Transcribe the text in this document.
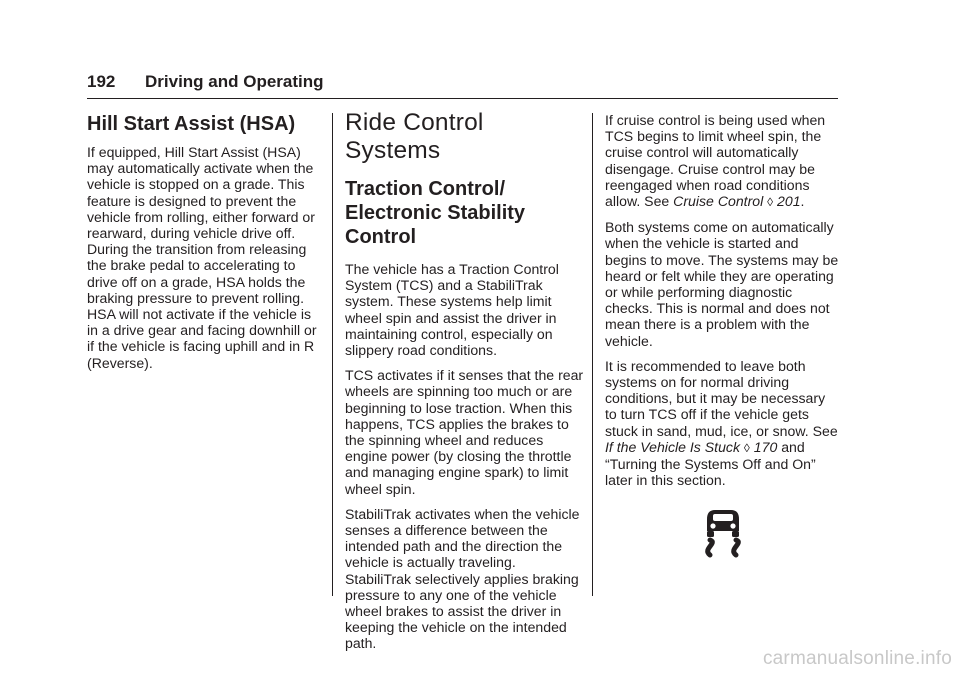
192 Driving and Operating
Hill Start Assist (HSA)

If equipped, Hill Start Assist (HSA) may automatically activate when the vehicle is stopped on a grade. This feature is designed to prevent the vehicle from rolling, either forward or rearward, during vehicle drive off. During the transition from releasing the brake pedal to accelerating to drive off on a grade, HSA holds the braking pressure to prevent rolling. HSA will not activate if the vehicle is in a drive gear and facing downhill or if the vehicle is facing uphill and in R (Reverse).

Ride Control Systems
Traction Control/ Electronic Stability Control

The vehicle has a Traction Control System (TCS) and a StabiliTrak system. These systems help limit wheel spin and assist the driver in maintaining control, especially on slippery road conditions.

TCS activates if it senses that the rear wheels are spinning too much or are beginning to lose traction. When this happens, TCS applies the brakes to the spinning wheel and reduces engine power (by closing the throttle and managing engine spark) to limit wheel spin.

StabiliTrak activates when the vehicle senses a difference between the intended path and the direction the vehicle is actually traveling. StabiliTrak selectively applies braking pressure to any one of the vehicle wheel brakes to assist the driver in keeping the vehicle on the intended path.

If cruise control is being used when TCS begins to limit wheel spin, the cruise control will automatically disengage. Cruise control may be reengaged when road conditions allow. See Cruise Control ◊ 201.

Both systems come on automatically when the vehicle is started and begins to move. The systems may be heard or felt while they are operating or while performing diagnostic checks. This is normal and does not mean there is a problem with the vehicle.

It is recommended to leave both systems on for normal driving conditions, but it may be necessary to turn TCS off if the vehicle gets stuck in sand, mud, ice, or snow. See If the Vehicle Is Stuck ◊ 170 and “Turning the Systems Off and On” later in this section.

carmanualsonline.info
